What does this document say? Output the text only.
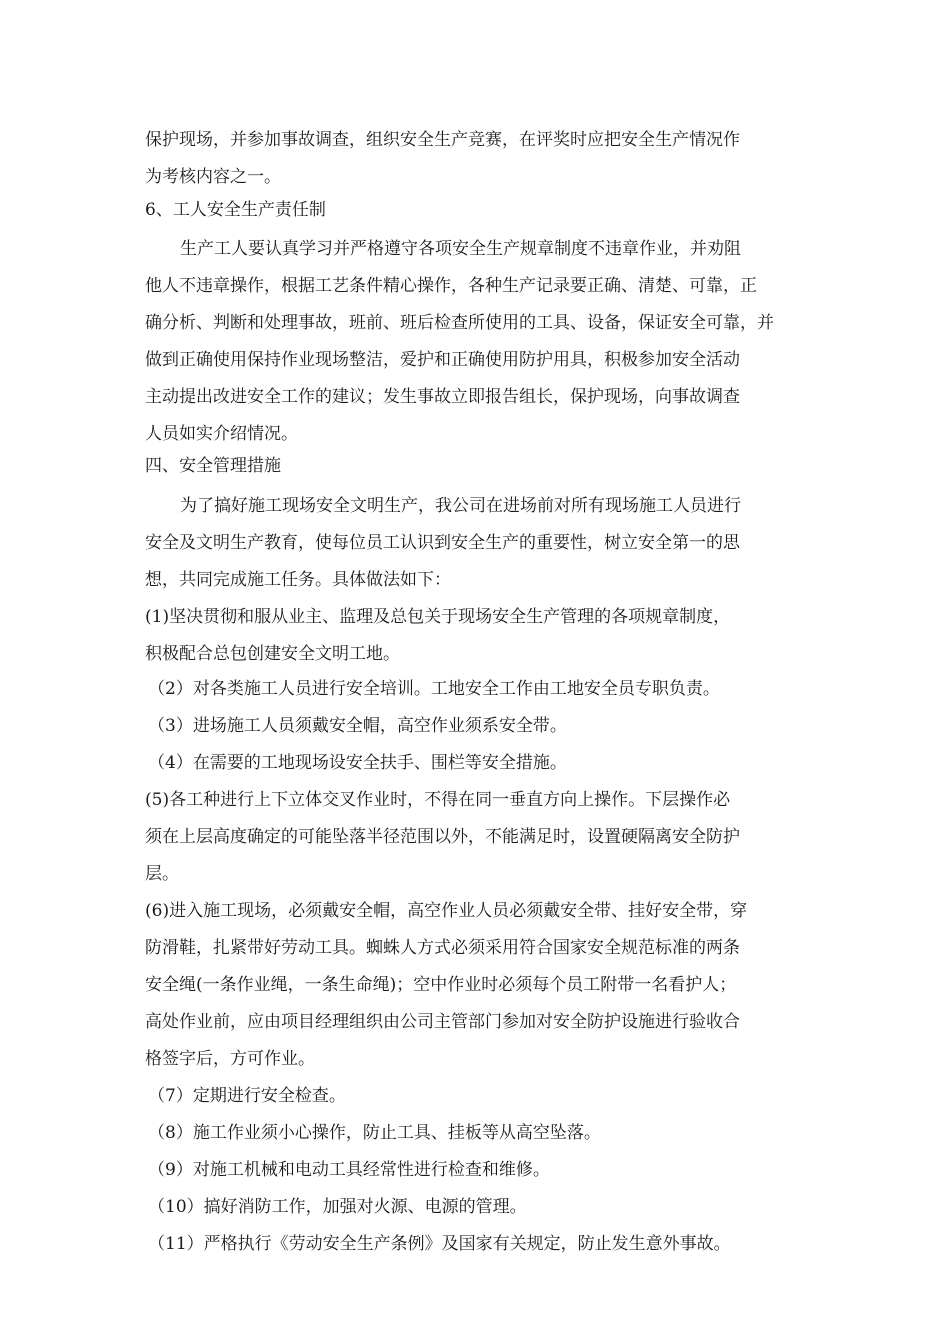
保护现场，并参加事故调查，组织安全生产竞赛，在评奖时应把安全生产情况作
为考核内容之一。
6、工人安全生产责任制
生产工人要认真学习并严格遵守各项安全生产规章制度不违章作业，并劝阻
他人不违章操作，根据工艺条件精心操作，各种生产记录要正确、清楚、可靠，正
确分析、判断和处理事故，班前、班后检查所使用的工具、设备，保证安全可靠，并
做到正确使用保持作业现场整洁，爱护和正确使用防护用具，积极参加安全活动
主动提出改进安全工作的建议；发生事故立即报告组长，保护现场，向事故调查
人员如实介绍情况。
四、安全管理措施
为了搞好施工现场安全文明生产，我公司在进场前对所有现场施工人员进行
安全及文明生产教育，使每位员工认识到安全生产的重要性，树立安全第一的思
想，共同完成施工任务。具体做法如下：
(1)坚决贯彻和服从业主、监理及总包关于现场安全生产管理的各项规章制度，
积极配合总包创建安全文明工地。
（2）对各类施工人员进行安全培训。工地安全工作由工地安全员专职负责。
（3）进场施工人员须戴安全帽，高空作业须系安全带。
（4）在需要的工地现场设安全扶手、围栏等安全措施。
(5)各工种进行上下立体交叉作业时，不得在同一垂直方向上操作。下层操作必
须在上层高度确定的可能坠落半径范围以外，不能满足时，设置硬隔离安全防护
层。
(6)进入施工现场，必须戴安全帽，高空作业人员必须戴安全带、挂好安全带，穿
防滑鞋，扎紧带好劳动工具。蜘蛛人方式必须采用符合国家安全规范标准的两条
安全绳(一条作业绳，一条生命绳)；空中作业时必须每个员工附带一名看护人；
高处作业前，应由项目经理组织由公司主管部门参加对安全防护设施进行验收合
格签字后，方可作业。
（7）定期进行安全检查。
（8）施工作业须小心操作，防止工具、挂板等从高空坠落。
（9）对施工机械和电动工具经常性进行检查和维修。
（10）搞好消防工作，加强对火源、电源的管理。
（11）严格执行《劳动安全生产条例》及国家有关规定，防止发生意外事故。
